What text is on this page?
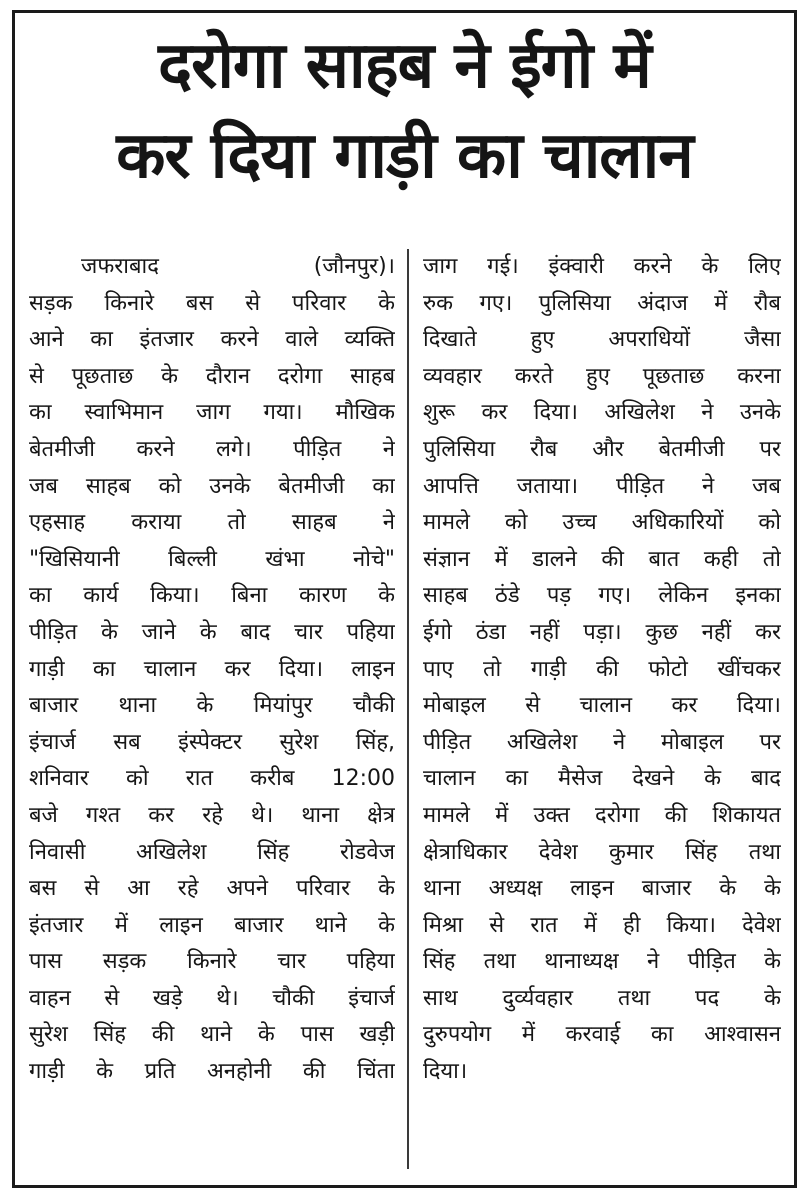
दरोगा साहब ने ईगो में
कर दिया गाड़ी का चालान
जफराबाद (जौनपुर)।
सड़क किनारे बस से परिवार के
आने का इंतजार करने वाले व्यक्ति
से पूछताछ के दौरान दरोगा साहब
का स्वाभिमान जाग गया। मौखिक
बेतमीजी करने लगे। पीड़ित ने
जब साहब को उनके बेतमीजी का
एहसाह कराया तो साहब ने
"खिसियानी बिल्ली खंभा नोचे"
का कार्य किया। बिना कारण के
पीड़ित के जाने के बाद चार पहिया
गाड़ी का चालान कर दिया। लाइन
बाजार थाना के मियांपुर चौकी
इंचार्ज सब इंस्पेक्टर सुरेश सिंह,
शनिवार को रात करीब 12:00
बजे गश्त कर रहे थे। थाना क्षेत्र
निवासी अखिलेश सिंह रोडवेज
बस से आ रहे अपने परिवार के
इंतजार में लाइन बाजार थाने के
पास सड़क किनारे चार पहिया
वाहन से खड़े थे। चौकी इंचार्ज
सुरेश सिंह की थाने के पास खड़ी
गाड़ी के प्रति अनहोनी की चिंता
जाग गई। इंक्वारी करने के लिए
रुक गए। पुलिसिया अंदाज में रौब
दिखाते हुए अपराधियों जैसा
व्यवहार करते हुए पूछताछ करना
शुरू कर दिया। अखिलेश ने उनके
पुलिसिया रौब और बेतमीजी पर
आपत्ति जताया। पीड़ित ने जब
मामले को उच्च अधिकारियों को
संज्ञान में डालने की बात कही तो
साहब ठंडे पड़ गए। लेकिन इनका
ईगो ठंडा नहीं पड़ा। कुछ नहीं कर
पाए तो गाड़ी की फोटो खींचकर
मोबाइल से चालान कर दिया।
पीड़ित अखिलेश ने मोबाइल पर
चालान का मैसेज देखने के बाद
मामले में उक्त दरोगा की शिकायत
क्षेत्राधिकार देवेश कुमार सिंह तथा
थाना अध्यक्ष लाइन बाजार के के
मिश्रा से रात में ही किया। देवेश
सिंह तथा थानाध्यक्ष ने पीड़ित के
साथ दुर्व्यवहार तथा पद के
दुरुपयोग में करवाई का आश्वासन
दिया।
